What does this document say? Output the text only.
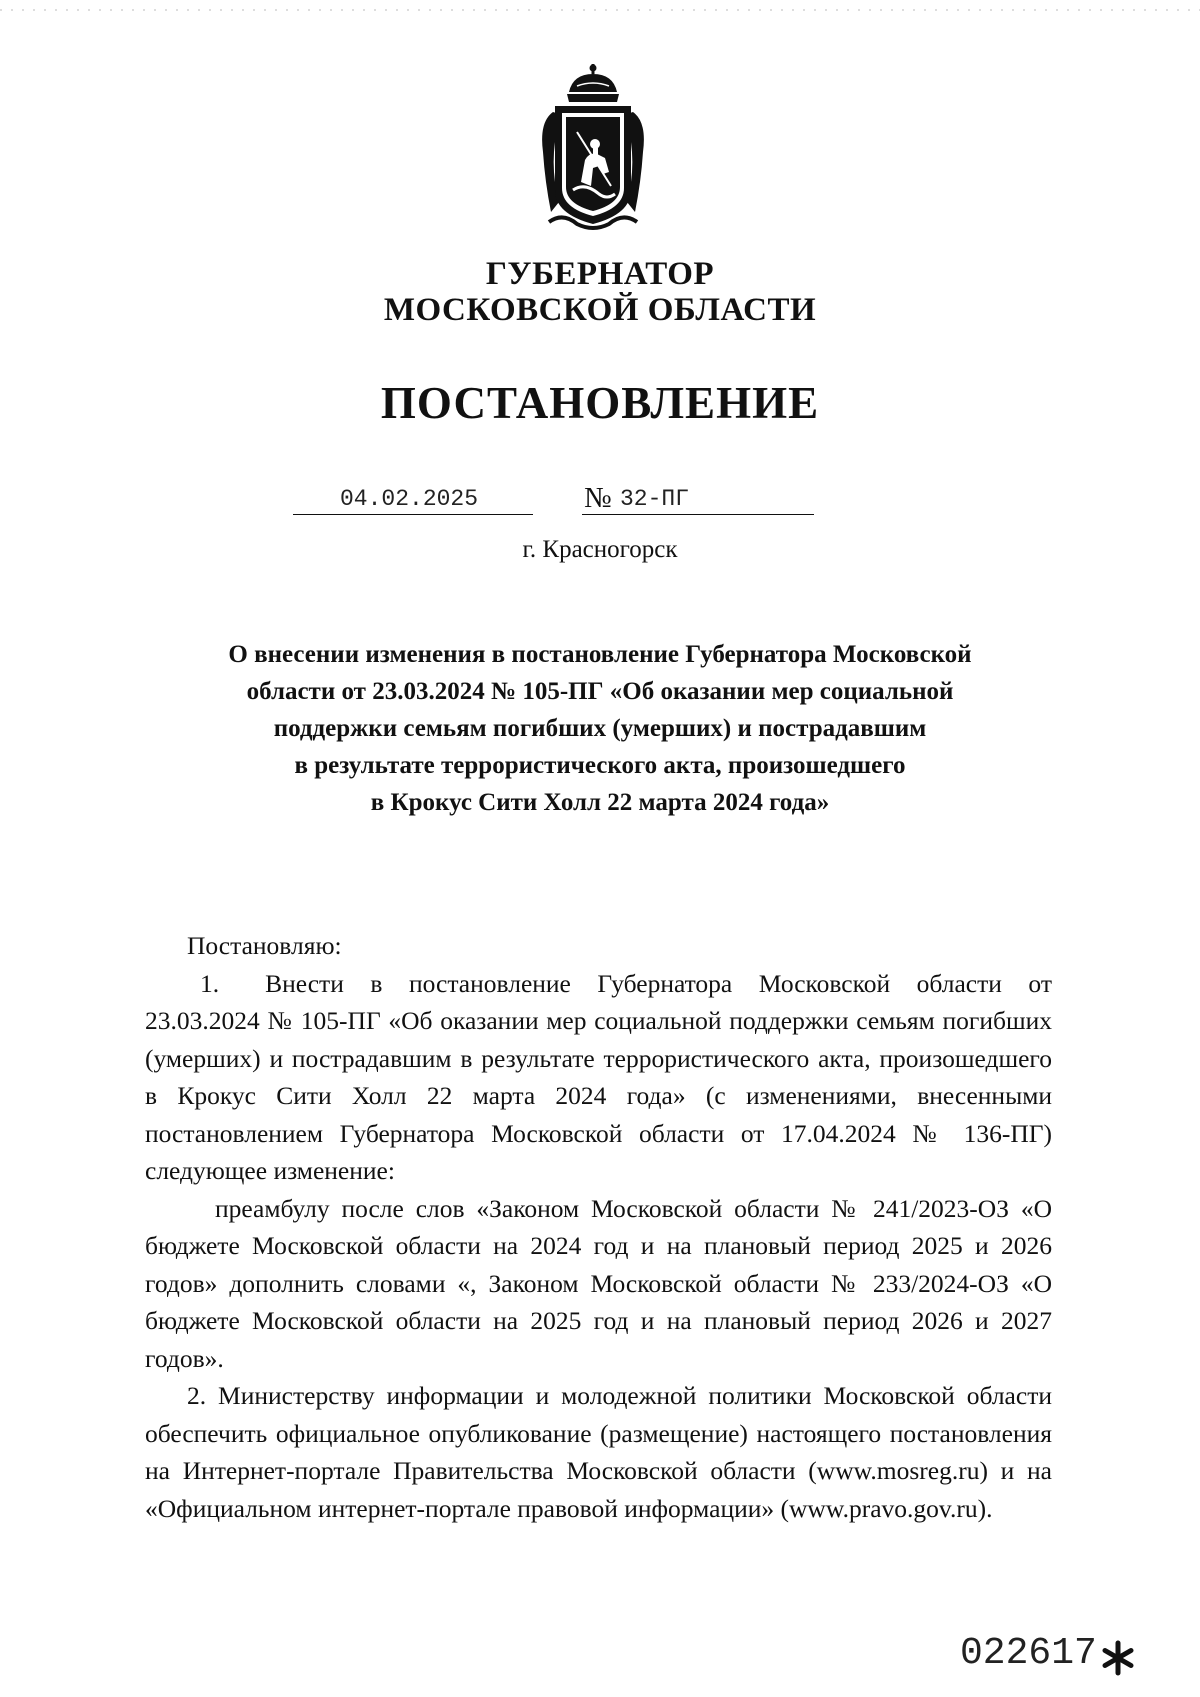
ГУБЕРНАТОР
МОСКОВСКОЙ ОБЛАСТИ
ПОСТАНОВЛЕНИЕ
04.02.2025	№ 32-ПГ
г. Красногорск
О внесении изменения в постановление Губернатора Московской
области от 23.03.2024 № 105-ПГ «Об оказании мер социальной
поддержки семьям погибших (умерших) и пострадавшим
в результате террористического акта, произошедшего
в Крокус Сити Холл 22 марта 2024 года»

Постановляю:

1. Внести в постановление Губернатора Московской области от 23.03.2024 № 105-ПГ «Об оказании мер социальной поддержки семьям погибших (умерших) и пострадавшим в результате террористического акта, произошедшего в Крокус Сити Холл 22 марта 2024 года» (с изменениями, внесенными постановлением Губернатора Московской области от 17.04.2024 № 136-ПГ) следующее изменение:

преамбулу после слов «Законом Московской области № 241/2023-ОЗ «О бюджете Московской области на 2024 год и на плановый период 2025 и 2026 годов» дополнить словами «, Законом Московской области № 233/2024-ОЗ «О бюджете Московской области на 2025 год и на плановый период 2026 и 2027 годов».

2. Министерству информации и молодежной политики Московской области обеспечить официальное опубликование (размещение) настоящего постановления на Интернет-портале Правительства Московской области (www.mosreg.ru) и на «Официальном интернет-портале правовой информации» (www.pravo.gov.ru).

022617
